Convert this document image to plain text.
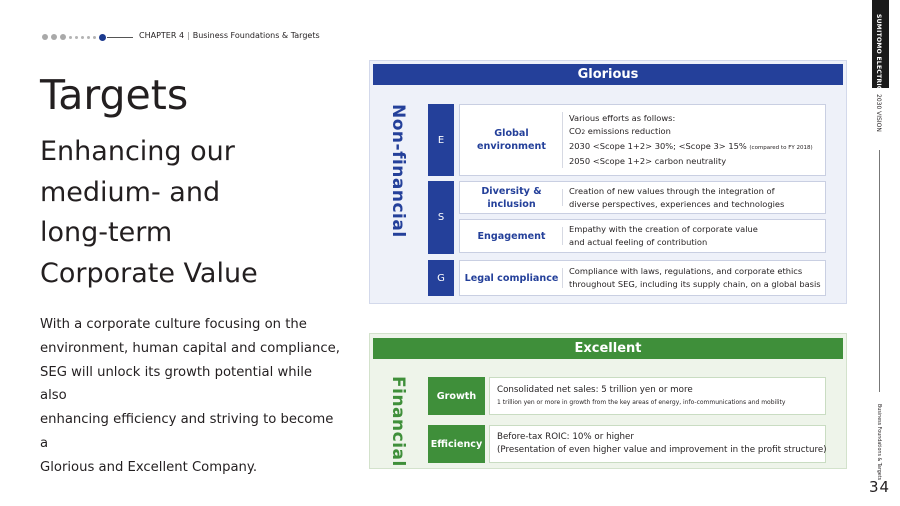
CHAPTER 4 | Business Foundations & Targets
Targets
Enhancing our
medium- and
long-term
Corporate Value
With a corporate culture focusing on the
environment, human capital and compliance,
SEG will unlock its growth potential while also
enhancing efficiency and striving to become a
Glorious and Excellent Company.
SUMITOMO ELECTRIC
2030 VISION
Business Foundations & Targets
34
Glorious
Non-financial	E
S
G
Global environment
Various efforts as follows:
CO2 emissions reduction
2030 <Scope 1+2> 30%; <Scope 3> 15% (compared to FY 2018)
2050 <Scope 1+2> carbon neutrality
Diversity & inclusion
Creation of new values through the integration of
diverse perspectives, experiences and technologies
Engagement
Empathy with the creation of corporate value
and actual feeling of contribution
Legal compliance
Compliance with laws, regulations, and corporate ethics
throughout SEG, including its supply chain, on a global basis
Excellent
Financial	Growth
Consolidated net sales: 5 trillion yen or more
1 trillion yen or more in growth from the key areas of energy, info-communications and mobility
Efficiency
Before-tax ROIC: 10% or higher
(Presentation of even higher value and improvement in the profit structure)
